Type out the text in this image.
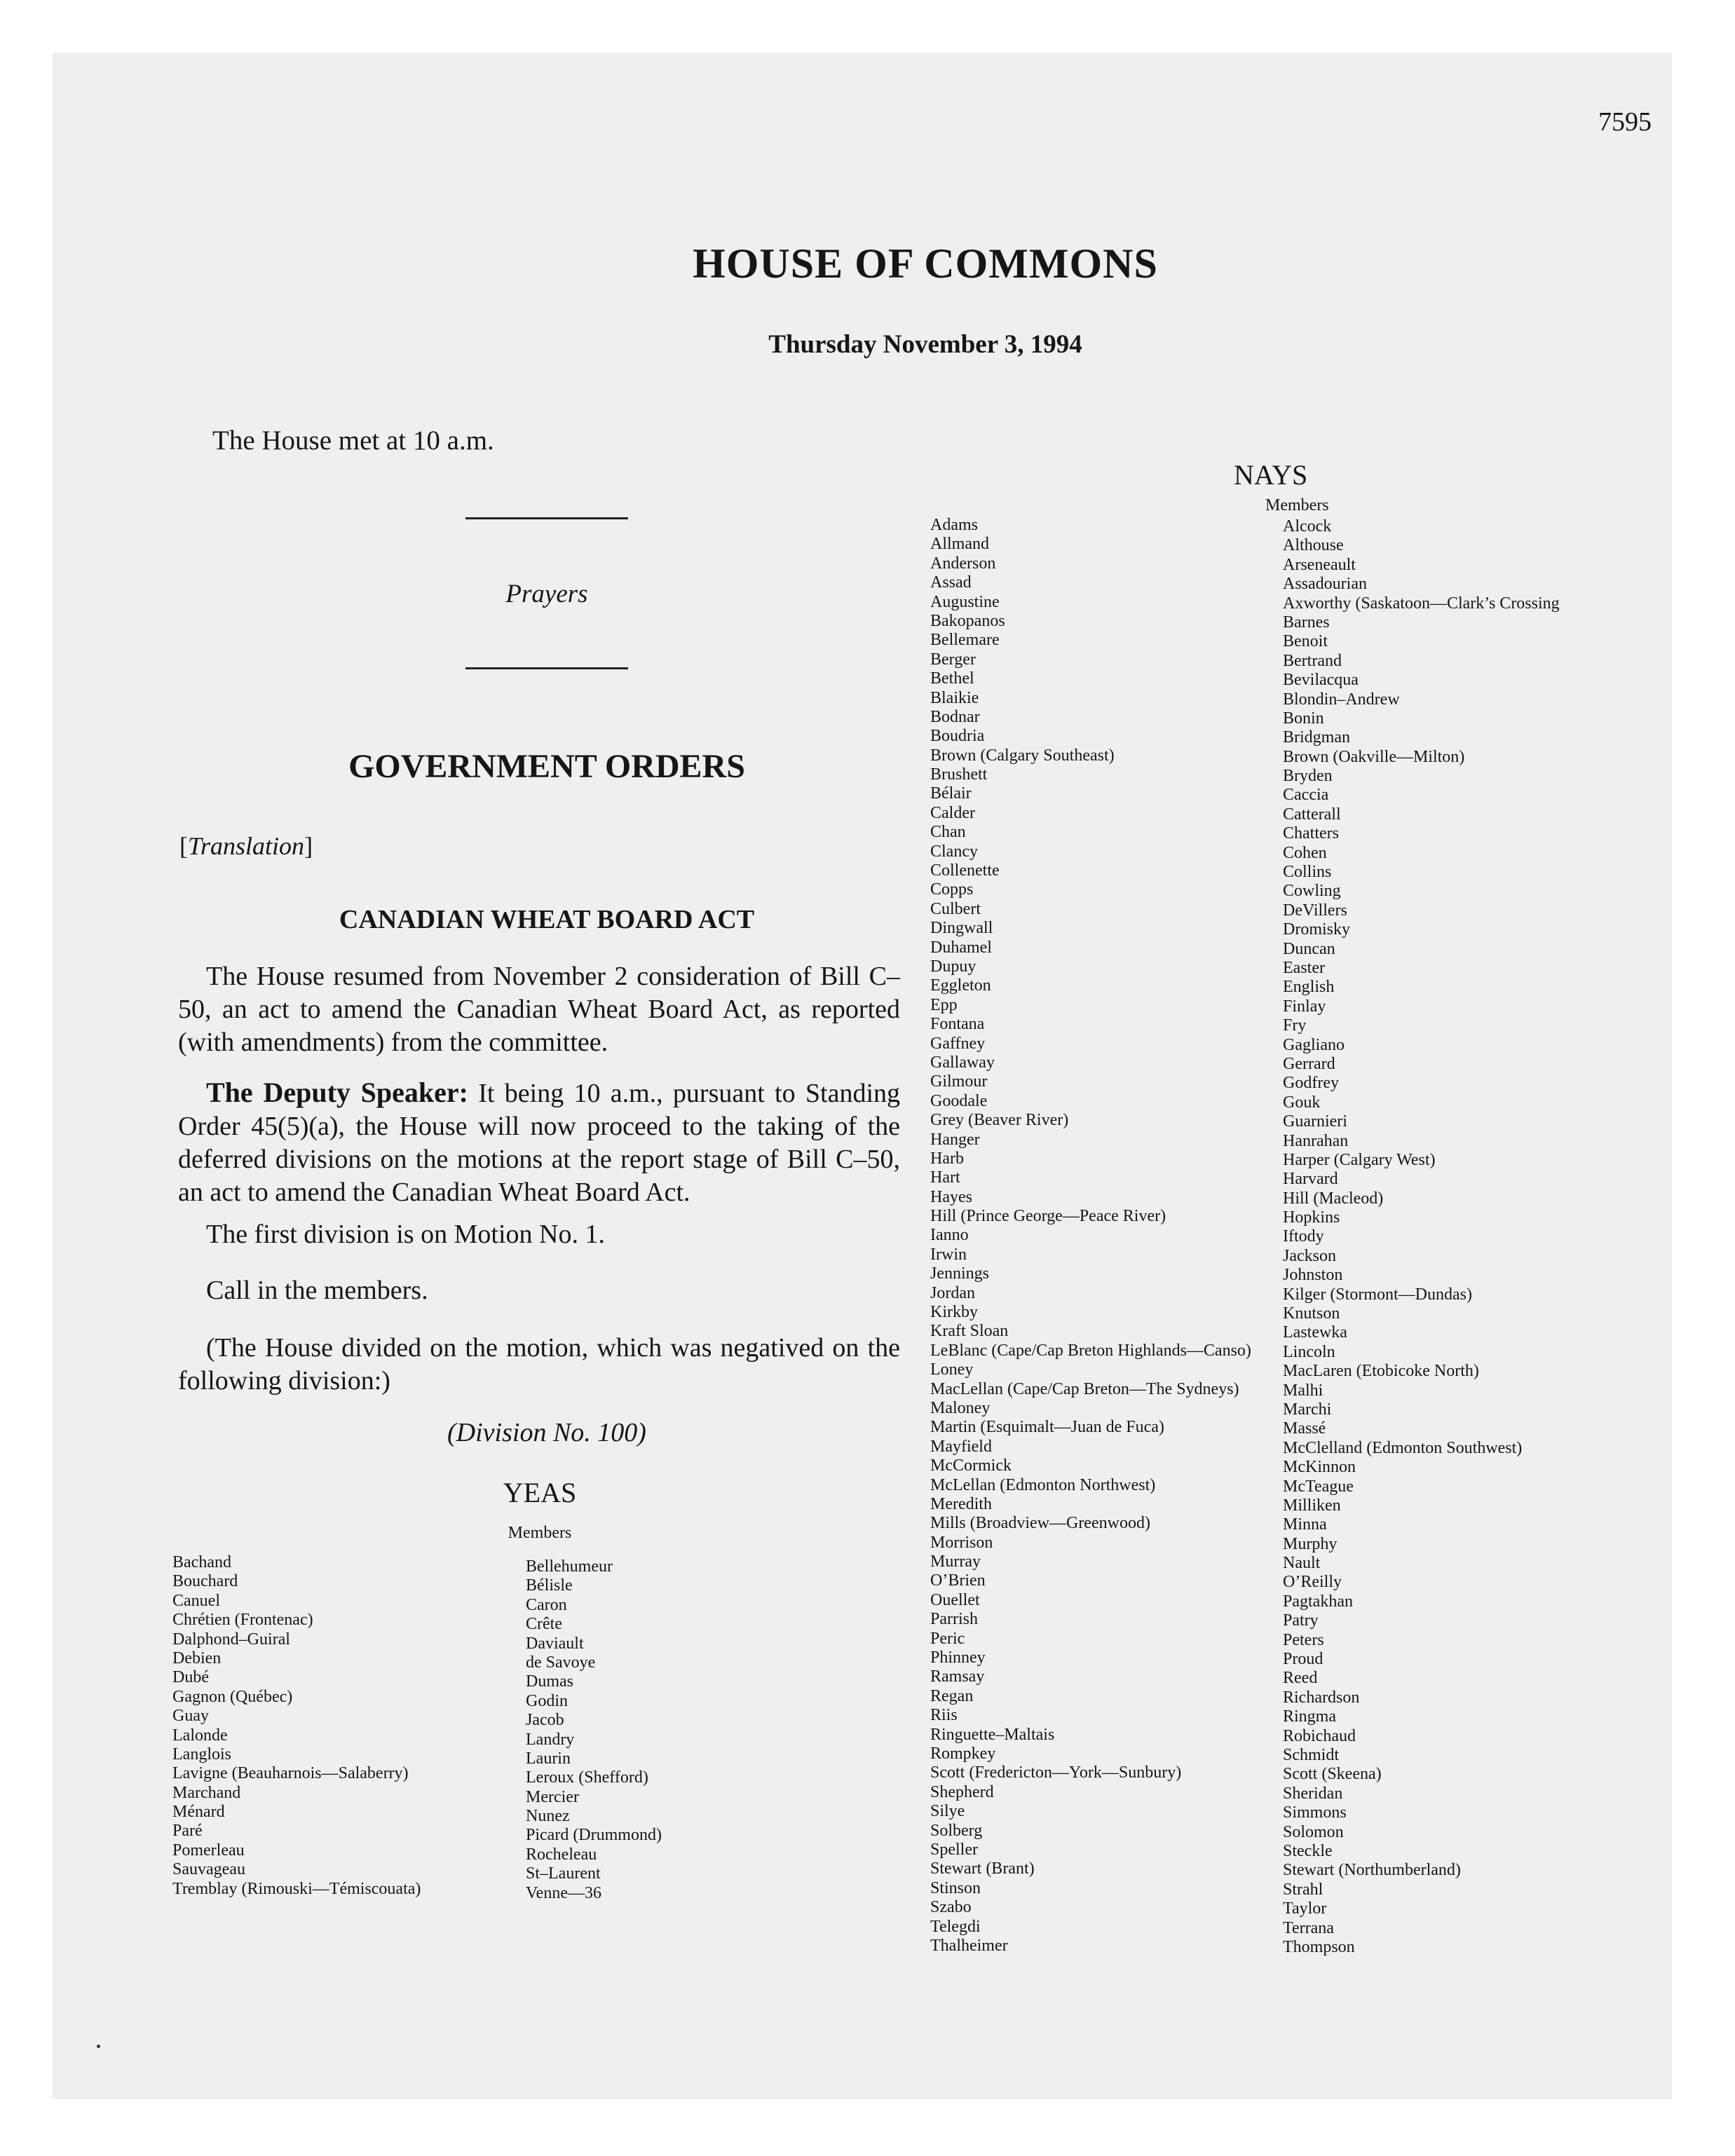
7595
HOUSE OF COMMONS
Thursday November 3, 1994
The House met at 10 a.m.
Prayers
GOVERNMENT ORDERS
[Translation]
CANADIAN WHEAT BOARD ACT
The House resumed from November 2 consideration of Bill C–50, an act to amend the Canadian Wheat Board Act, as reported (with amendments) from the committee.
The Deputy Speaker: It being 10 a.m., pursuant to Standing Order 45(5)(a), the House will now proceed to the taking of the deferred divisions on the motions at the report stage of Bill C–50, an act to amend the Canadian Wheat Board Act.
The first division is on Motion No. 1.
Call in the members.
(The House divided on the motion, which was negatived on the following division:)
(Division No. 100)
YEAS
Members
Bachand
Bouchard
Canuel
Chrétien (Frontenac)
Dalphond–Guiral
Debien
Dubé
Gagnon (Québec)
Guay
Lalonde
Langlois
Lavigne (Beauharnois—Salaberry)
Marchand
Ménard
Paré
Pomerleau
Sauvageau
Tremblay (Rimouski—Témiscouata)
Bellehumeur
Bélisle
Caron
Crête
Daviault
de Savoye
Dumas
Godin
Jacob
Landry
Laurin
Leroux (Shefford)
Mercier
Nunez
Picard (Drummond)
Rocheleau
St–Laurent
Venne—36
NAYS
Members
Adams
Allmand
Anderson
Assad
Augustine
Bakopanos
Bellemare
Berger
Bethel
Blaikie
Bodnar
Boudria
Brown (Calgary Southeast)
Brushett
Bélair
Calder
Chan
Clancy
Collenette
Copps
Culbert
Dingwall
Duhamel
Dupuy
Eggleton
Epp
Fontana
Gaffney
Gallaway
Gilmour
Goodale
Grey (Beaver River)
Hanger
Harb
Hart
Hayes
Hill (Prince George—Peace River)
Ianno
Irwin
Jennings
Jordan
Kirkby
Kraft Sloan
LeBlanc (Cape/Cap Breton Highlands—Canso)
Loney
MacLellan (Cape/Cap Breton—The Sydneys)
Maloney
Martin (Esquimalt—Juan de Fuca)
Mayfield
McCormick
McLellan (Edmonton Northwest)
Meredith
Mills (Broadview—Greenwood)
Morrison
Murray
O’Brien
Ouellet
Parrish
Peric
Phinney
Ramsay
Regan
Riis
Ringuette–Maltais
Rompkey
Scott (Fredericton—York—Sunbury)
Shepherd
Silye
Solberg
Speller
Stewart (Brant)
Stinson
Szabo
Telegdi
Thalheimer
Alcock
Althouse
Arseneault
Assadourian
Axworthy (Saskatoon—Clark’s Crossing
Barnes
Benoit
Bertrand
Bevilacqua
Blondin–Andrew
Bonin
Bridgman
Brown (Oakville—Milton)
Bryden
Caccia
Catterall
Chatters
Cohen
Collins
Cowling
DeVillers
Dromisky
Duncan
Easter
English
Finlay
Fry
Gagliano
Gerrard
Godfrey
Gouk
Guarnieri
Hanrahan
Harper (Calgary West)
Harvard
Hill (Macleod)
Hopkins
Iftody
Jackson
Johnston
Kilger (Stormont—Dundas)
Knutson
Lastewka
Lincoln
MacLaren (Etobicoke North)
Malhi
Marchi
Massé
McClelland (Edmonton Southwest)
McKinnon
McTeague
Milliken
Minna
Murphy
Nault
O’Reilly
Pagtakhan
Patry
Peters
Proud
Reed
Richardson
Ringma
Robichaud
Schmidt
Scott (Skeena)
Sheridan
Simmons
Solomon
Steckle
Stewart (Northumberland)
Strahl
Taylor
Terrana
Thompson
